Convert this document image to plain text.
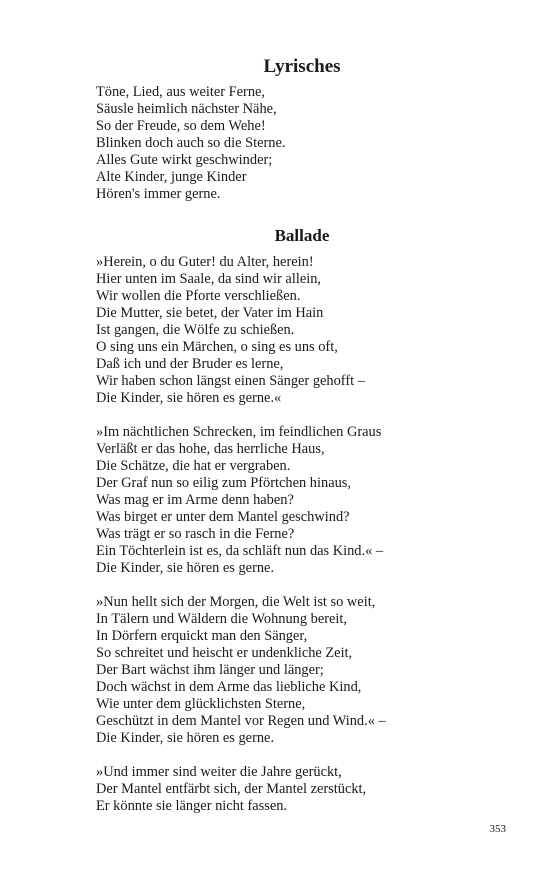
Lyrisches
Töne, Lied, aus weiter Ferne,
Säusle heimlich nächster Nähe,
So der Freude, so dem Wehe!
Blinken doch auch so die Sterne.
Alles Gute wirkt geschwinder;
Alte Kinder, junge Kinder
Hören's immer gerne.
Ballade
»Herein, o du Guter! du Alter, herein!
Hier unten im Saale, da sind wir allein,
Wir wollen die Pforte verschließen.
Die Mutter, sie betet, der Vater im Hain
Ist gangen, die Wölfe zu schießen.
O sing uns ein Märchen, o sing es uns oft,
Daß ich und der Bruder es lerne,
Wir haben schon längst einen Sänger gehofft –
Die Kinder, sie hören es gerne.«
»Im nächtlichen Schrecken, im feindlichen Graus
Verläßt er das hohe, das herrliche Haus,
Die Schätze, die hat er vergraben.
Der Graf nun so eilig zum Pförtchen hinaus,
Was mag er im Arme denn haben?
Was birget er unter dem Mantel geschwind?
Was trägt er so rasch in die Ferne?
Ein Töchterlein ist es, da schläft nun das Kind.« –
Die Kinder, sie hören es gerne.
»Nun hellt sich der Morgen, die Welt ist so weit,
In Tälern und Wäldern die Wohnung bereit,
In Dörfern erquickt man den Sänger,
So schreitet und heischt er undenkliche Zeit,
Der Bart wächst ihm länger und länger;
Doch wächst in dem Arme das liebliche Kind,
Wie unter dem glücklichsten Sterne,
Geschützt in dem Mantel vor Regen und Wind.« –
Die Kinder, sie hören es gerne.
»Und immer sind weiter die Jahre gerückt,
Der Mantel entfärbt sich, der Mantel zerstückt,
Er könnte sie länger nicht fassen.

353
